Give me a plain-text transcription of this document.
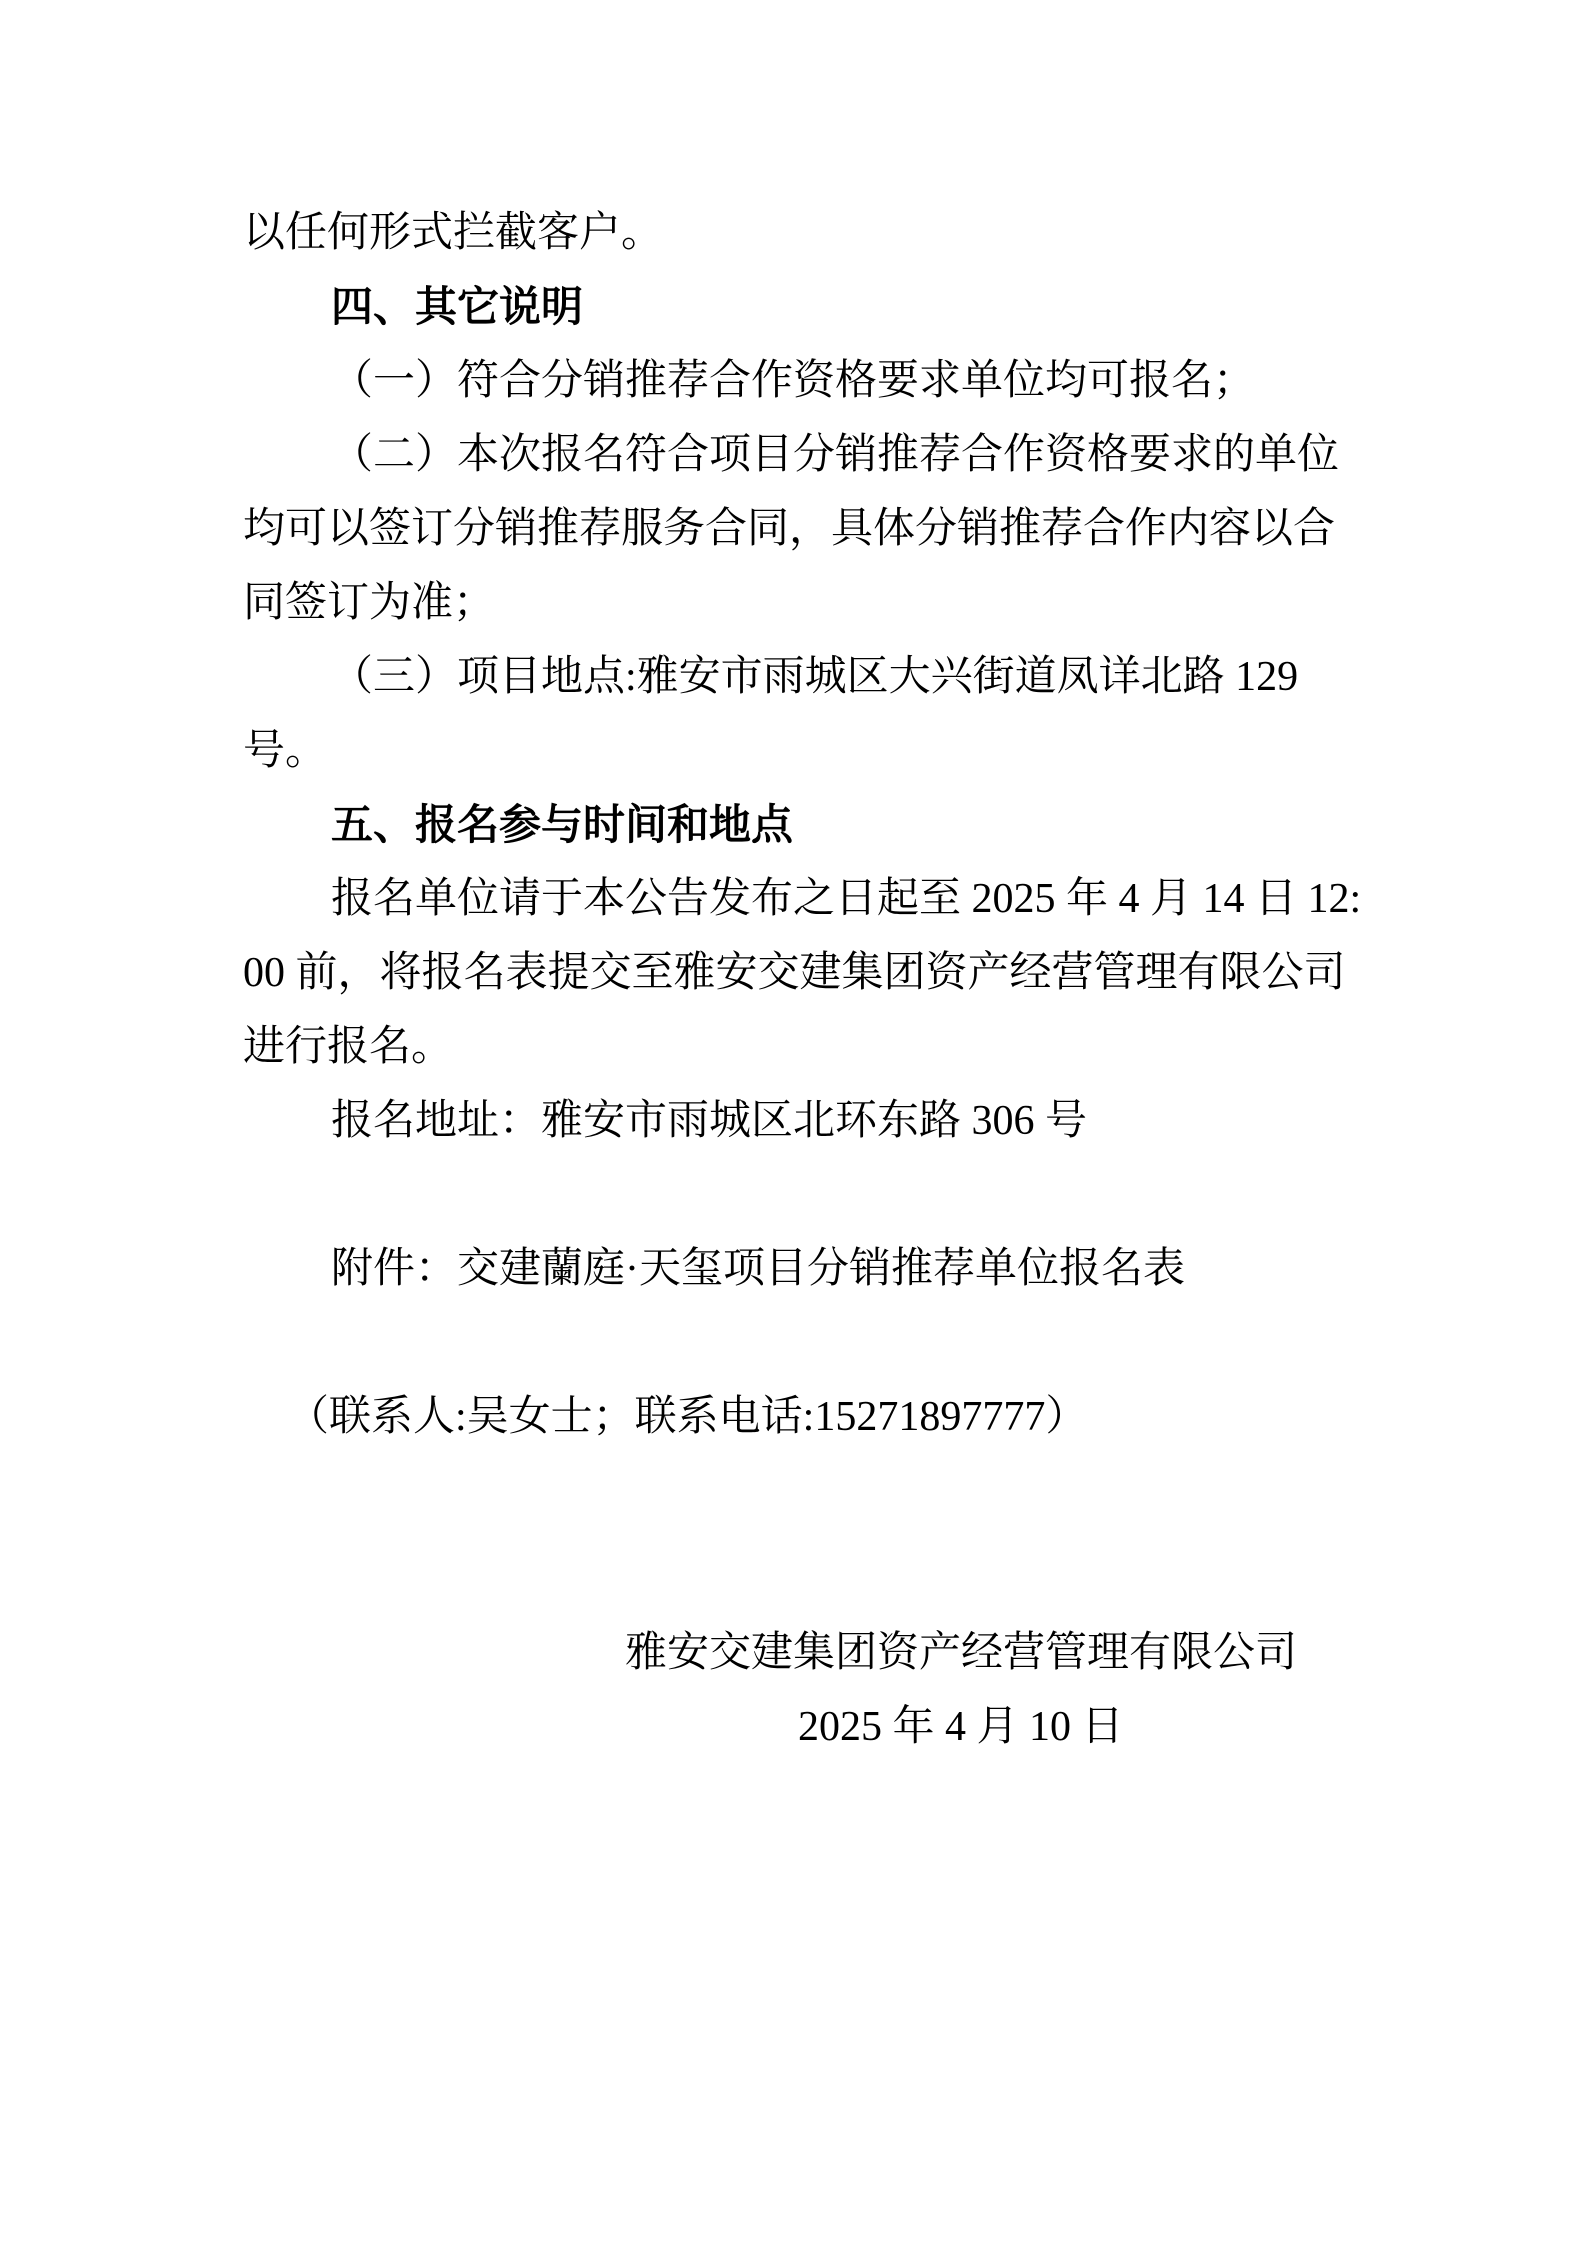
以任何形式拦截客户。
四、其它说明
（一）符合分销推荐合作资格要求单位均可报名；
（二）本次报名符合项目分销推荐合作资格要求的单位
均可以签订分销推荐服务合同，具体分销推荐合作内容以合
同签订为准；
（三）项目地点:雅安市雨城区大兴街道凤详北路 129
号。
五、报名参与时间和地点
报名单位请于本公告发布之日起至 2025 年 4 月 14 日 12:
00 前，将报名表提交至雅安交建集团资产经营管理有限公司
进行报名。
报名地址：雅安市雨城区北环东路 306 号
附件：交建蘭庭·天玺项目分销推荐单位报名表
（联系人:吴女士；联系电话:15271897777）
雅安交建集团资产经营管理有限公司
2025 年 4 月 10 日
